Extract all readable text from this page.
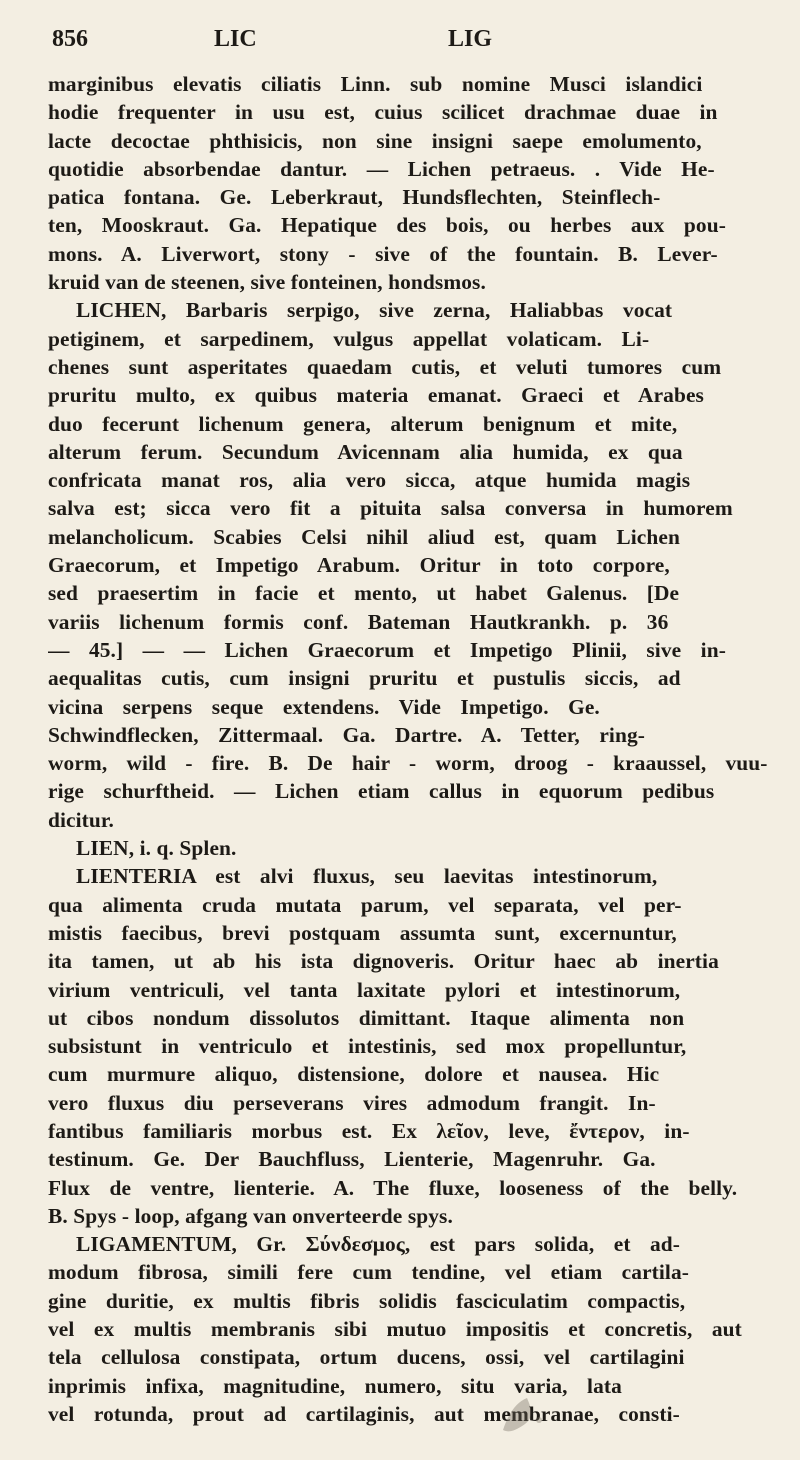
856	LIC	LIG
marginibus elevatis ciliatis Linn. sub nomine Musci islandici
hodie frequenter in usu est, cuius scilicet drachmae duae in
lacte decoctae phthisicis, non sine insigni saepe emolumento,
quotidie absorbendae dantur. — Lichen petraeus. . Vide He-
patica fontana. Ge. Leberkraut, Hundsflechten, Steinflech-
ten, Mooskraut. Ga. Hepatique des bois, ou herbes aux pou-
mons. A. Liverwort, stony - sive of the fountain. B. Lever-
kruid van de steenen, sive fonteinen, hondsmos.
LICHEN, Barbaris serpigo, sive zerna, Haliabbas vocat
petiginem, et sarpedinem, vulgus appellat volaticam. Li-
chenes sunt asperitates quaedam cutis, et veluti tumores cum
pruritu multo, ex quibus materia emanat. Graeci et Arabes
duo fecerunt lichenum genera, alterum benignum et mite,
alterum ferum. Secundum Avicennam alia humida, ex qua
confricata manat ros, alia vero sicca, atque humida magis
salva est; sicca vero fit a pituita salsa conversa in humorem
melancholicum. Scabies Celsi nihil aliud est, quam Lichen
Graecorum, et Impetigo Arabum. Oritur in toto corpore,
sed praesertim in facie et mento, ut habet Galenus. [De
variis lichenum formis conf. Bateman Hautkrankh. p. 36
— 45.] — — Lichen Graecorum et Impetigo Plinii, sive in-
aequalitas cutis, cum insigni pruritu et pustulis siccis, ad
vicina serpens seque extendens. Vide Impetigo. Ge.
Schwindflecken, Zittermaal. Ga. Dartre. A. Tetter, ring-
worm, wild - fire. B. De hair - worm, droog - kraaussel, vuu-
rige schurftheid. — Lichen etiam callus in equorum pedibus
dicitur.
LIEN, i. q. Splen.
LIENTERIA est alvi fluxus, seu laevitas intestinorum,
qua alimenta cruda mutata parum, vel separata, vel per-
mistis faecibus, brevi postquam assumta sunt, excernuntur,
ita tamen, ut ab his ista dignoveris. Oritur haec ab inertia
virium ventriculi, vel tanta laxitate pylori et intestinorum,
ut cibos nondum dissolutos dimittant. Itaque alimenta non
subsistunt in ventriculo et intestinis, sed mox propelluntur,
cum murmure aliquo, distensione, dolore et nausea. Hic
vero fluxus diu perseverans vires admodum frangit. In-
fantibus familiaris morbus est. Ex λεῖον, leve, ἔντερον, in-
testinum. Ge. Der Bauchfluss, Lienterie, Magenruhr. Ga.
Flux de ventre, lienterie. A. The fluxe, looseness of the belly.
B. Spys - loop, afgang van onverteerde spys.
LIGAMENTUM, Gr. Σύνδεσμος, est pars solida, et ad-
modum fibrosa, simili fere cum tendine, vel etiam cartila-
gine duritie, ex multis fibris solidis fasciculatim compactis,
vel ex multis membranis sibi mutuo impositis et concretis, aut
tela cellulosa constipata, ortum ducens, ossi, vel cartilagini
inprimis infixa, magnitudine, numero, situ varia, lata
vel rotunda, prout ad cartilaginis, aut membranae, consti-
